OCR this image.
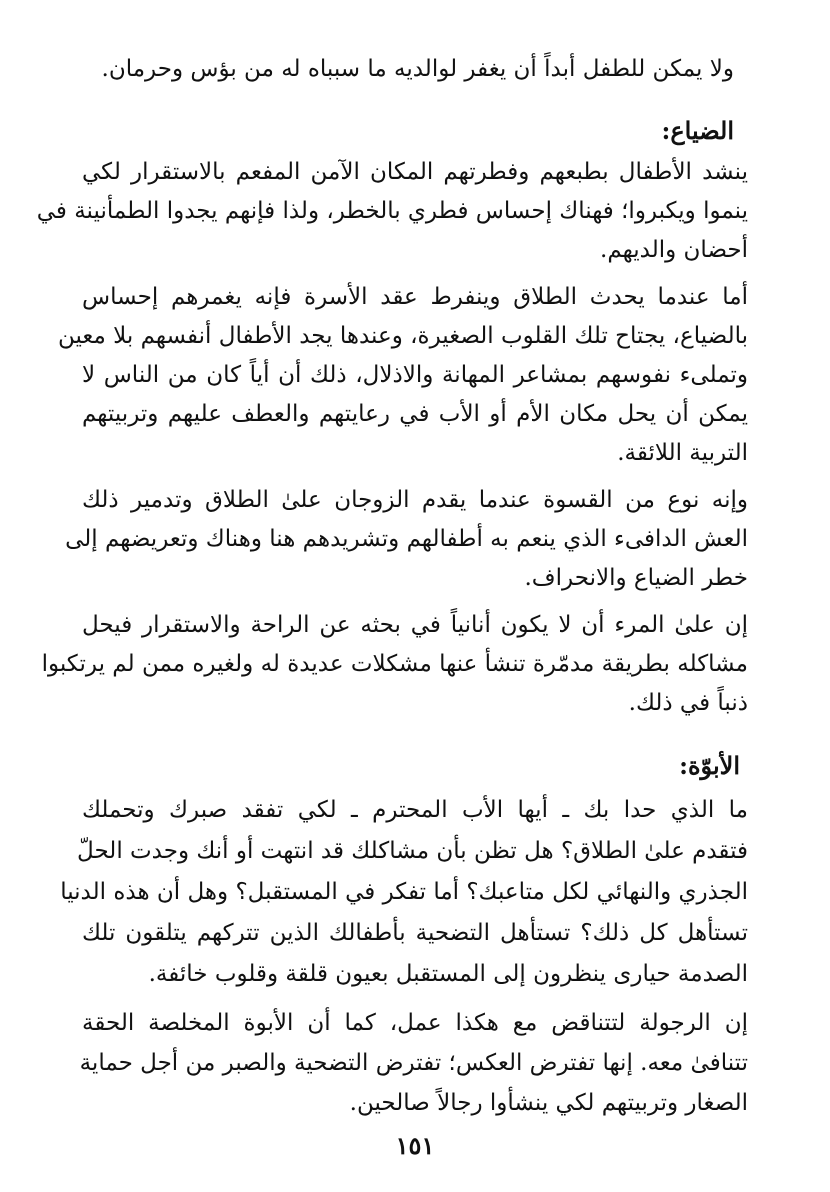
ولا يمكن للطفل أبداً أن يغفر لوالديه ما سبباه له من بؤس وحرمان.
الضياع:
ينشد الأطفال بطبعهم وفطرتهم المكان الآمن المفعم بالاستقرار لكي
ينموا ويكبروا؛ فهناك إحساس فطري بالخطر، ولذا فإنهم يجدوا الطمأنينة في
أحضان والديهم.
أما عندما يحدث الطلاق وينفرط عقد الأسرة فإنه يغمرهم إحساس
بالضياع، يجتاح تلك القلوب الصغيرة، وعندها يجد الأطفال أنفسهم بلا معين
وتملىء نفوسهم بمشاعر المهانة والاذلال، ذلك أن أياً كان من الناس لا
يمكن أن يحل مكان الأم أو الأب في رعايتهم والعطف عليهم وتربيتهم
التربية اللائقة.
وإنه نوع من القسوة عندما يقدم الزوجان علىٰ الطلاق وتدمير ذلك
العش الدافىء الذي ينعم به أطفالهم وتشريدهم هنا وهناك وتعريضهم إلى
خطر الضياع والانحراف.
إن علىٰ المرء أن لا يكون أنانياً في بحثه عن الراحة والاستقرار فيحل
مشاكله بطريقة مدمّرة تنشأ عنها مشكلات عديدة له ولغيره ممن لم يرتكبوا
ذنباً في ذلك.
الأبوّة:
ما الذي حدا بك ـ أيها الأب المحترم ـ لكي تفقد صبرك وتحملك
فتقدم علىٰ الطلاق؟ هل تظن بأن مشاكلك قد انتهت أو أنك وجدت الحلّ
الجذري والنهائي لكل متاعبك؟ أما تفكر في المستقبل؟ وهل أن هذه الدنيا
تستأهل كل ذلك؟ تستأهل التضحية بأطفالك الذين تتركهم يتلقون تلك
الصدمة حيارى ينظرون إلى المستقبل بعيون قلقة وقلوب خائفة.
إن الرجولة لتتناقض مع هكذا عمل، كما أن الأبوة المخلصة الحقة
تتنافىٰ معه. إنها تفترض العكس؛ تفترض التضحية والصبر من أجل حماية
الصغار وتربيتهم لكي ينشأوا رجالاً صالحين.
١٥١
